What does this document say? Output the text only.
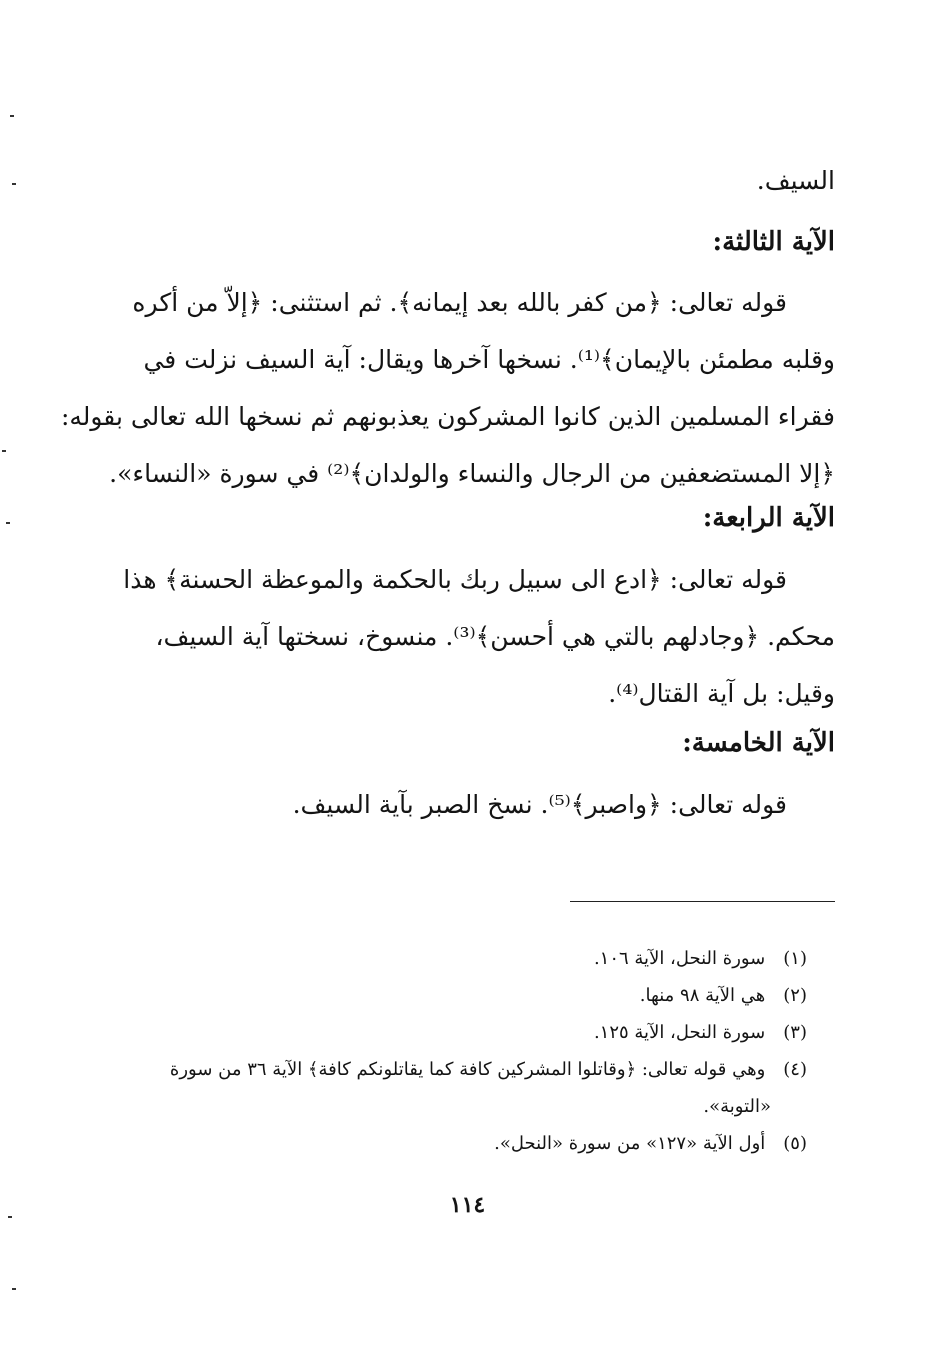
السيف.
الآية الثالثة:
قوله تعالى: ﴿من كفر بالله بعد إيمانه﴾. ثم استثنى: ﴿إلاّ من أكره
وقلبه مطمئن بالإيمان﴾⁽¹⁾. نسخها آخرها ويقال: آية السيف نزلت في
فقراء المسلمين الذين كانوا المشركون يعذبونهم ثم نسخها الله تعالى بقوله:
﴿إلا المستضعفين من الرجال والنساء والولدان﴾⁽²⁾ في سورة «النساء».
الآية الرابعة:
قوله تعالى: ﴿ادع الى سبيل ربك بالحكمة والموعظة الحسنة﴾ هذا
محكم. ﴿وجادلهم بالتي هي أحسن﴾⁽³⁾. منسوخ، نسختها آية السيف،
وقيل: بل آية القتال⁽⁴⁾.
الآية الخامسة:
قوله تعالى: ﴿واصبر﴾⁽⁵⁾. نسخ الصبر بآية السيف.
(١) سورة النحل، الآية ١٠٦.
(٢) هي الآية ٩٨ منها.
(٣) سورة النحل، الآية ١٢٥.
(٤) وهي قوله تعالى: ﴿وقاتلوا المشركين كافة كما يقاتلونكم كافة﴾ الآية ٣٦ من سورة
«التوبة».
(٥) أول الآية «١٢٧» من سورة «النحل».
١١٤
